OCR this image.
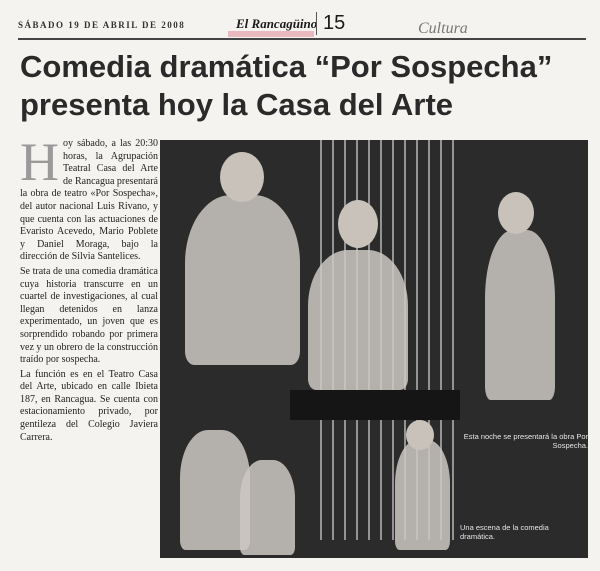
SÁBADO 19 DE ABRIL DE 2008	El Rancagüino 15	Cultura
Comedia dramática “Por Sospecha” presenta hoy la Casa del Arte

Hoy sábado, a las 20:30 horas, la Agrupación Teatral Casa del Arte de Rancagua presentará la obra de teatro «Por Sospecha», del autor nacional Luis Rivano, y que cuenta con las actuaciones de Evaristo Acevedo, Mario Poblete y Daniel Moraga, bajo la dirección de Silvia Santelices.

Se trata de una comedia dramática cuya historia transcurre en un cuartel de investigaciones, al cual llegan detenidos en lanza experimentado, un joven que es sorprendido robando por primera vez y un obrero de la construcción traído por sospecha.

La función es en el Teatro Casa del Arte, ubicado en calle Ibieta 187, en Rancagua. Se cuenta con estacionamiento privado, por gentileza del Colegio Javiera Carrera.	Esta noche se presentará la obra Por Sospecha.
Una escena de la comedia dramática.
